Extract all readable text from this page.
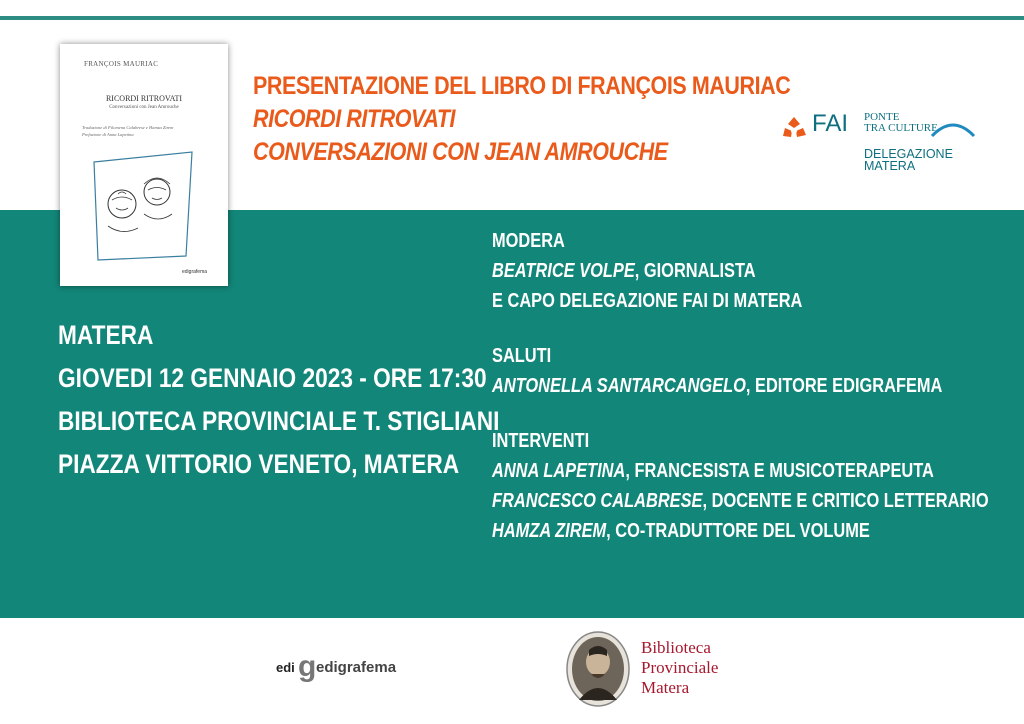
PRESENTAZIONE DEL LIBRO DI FRANÇOIS MAURIAC
RICORDI RITROVATI
CONVERSAZIONI CON JEAN AMROUCHE
FRANÇOIS MAURIAC
RICORDI RITROVATI
Conversazioni con Jean Amrouche
Traduzione di Filomena Calabrese e Hamza Zirem
Prefazione di Anna Lapetina
edigrafema
FAI PONTE
TRA CULTURE
DELEGAZIONE
MATERA
MATERA
GIOVEDI 12 GENNAIO 2023 - ORE 17:30
BIBLIOTECA PROVINCIALE T. STIGLIANI
PIAZZA VITTORIO VENETO, MATERA
MODERA
BEATRICE VOLPE, GIORNALISTA
E CAPO DELEGAZIONE FAI DI MATERA
SALUTI
ANTONELLA SANTARCANGELO, EDITORE EDIGRAFEMA
INTERVENTI
ANNA LAPETINA, FRANCESISTA E MUSICOTERAPEUTA
FRANCESCO CALABRESE, DOCENTE E CRITICO LETTERARIO
HAMZA ZIREM, CO-TRADUTTORE DEL VOLUME
edi g edigrafema
Biblioteca
Provinciale
Matera
